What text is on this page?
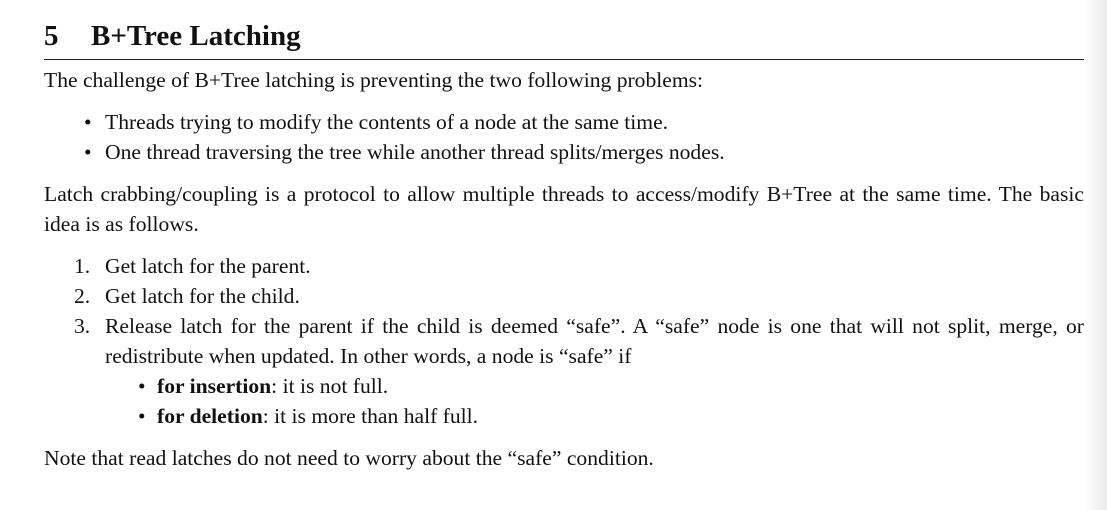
5	B+Tree Latching

The challenge of B+Tree latching is preventing the two following problems:

• Threads trying to modify the contents of a node at the same time.
• One thread traversing the tree while another thread splits/merges nodes.

Latch crabbing/coupling is a protocol to allow multiple threads to access/modify B+Tree at the same time. The basic idea is as follows.

1. Get latch for the parent.
2. Get latch for the child.
3. Release latch for the parent if the child is deemed “safe”. A “safe” node is one that will not split, merge, or redistribute when updated. In other words, a node is “safe” if
• for insertion: it is not full.
• for deletion: it is more than half full.

Note that read latches do not need to worry about the “safe” condition.
